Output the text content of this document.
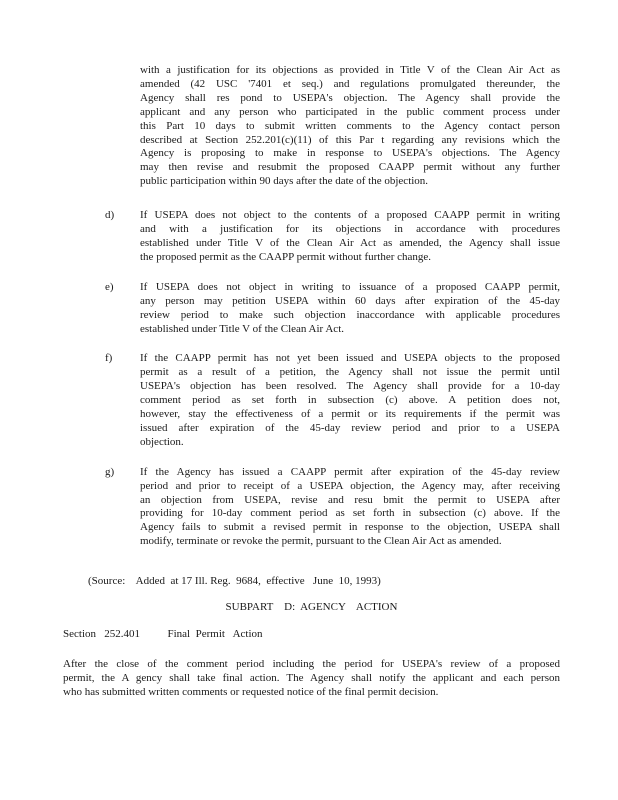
with a justification for its objections as provided in Title V of the Clean Air Act as
amended (42 USC '7401 et seq.) and regulations promulgated thereunder, the
Agency shall res pond to USEPA's objection. The Agency shall provide the
applicant and any person who participated in the public comment process under
this Part 10 days to submit written comments to the Agency contact person
described at Section 252.201(c)(11) of this Par t regarding any revisions which the
Agency is proposing to make in response to USEPA's objections. The Agency
may then revise and resubmit the proposed CAAPP permit without any further
public participation within 90 days after the date of the objection.
d)	If USEPA does not object to the contents of a proposed CAAPP permit in writing
and with a justification for its objections in accordance with procedures
established under Title V of the Clean Air Act as amended, the Agency shall issue
the proposed permit as the CAAPP permit without further change.
e)	If USEPA does not object in writing to issuance of a proposed CAAPP permit,
any person may petition USEPA within 60 days after expiration of the 45-day
review period to make such objection inaccordance with applicable procedures
established under Title V of the Clean Air Act.
f)	If the CAAPP permit has not yet been issued and USEPA objects to the proposed
permit as a result of a petition, the Agency shall not issue the permit until
USEPA's objection has been resolved. The Agency shall provide for a 10-day
comment period as set forth in subsection (c) above. A petition does not,
however, stay the effectiveness of a permit or its requirements if the permit was
issued after expiration of the 45-day review period and prior to a USEPA
objection.
g)	If the Agency has issued a CAAPP permit after expiration of the 45-day review
period and prior to receipt of a USEPA objection, the Agency may, after receiving
an objection from USEPA, revise and resu bmit the permit to USEPA after
providing for 10-day comment period as set forth in subsection (c) above. If the
Agency fails to submit a revised permit in response to the objection, USEPA shall
modify, terminate or revoke the permit, pursuant to the Clean Air Act as amended.
(Source:    Added  at 17 Ill. Reg.  9684,  effective   June  10, 1993)
SUBPART    D:  AGENCY    ACTION
Section   252.401          Final  Permit   Action
After the close of the comment period including the period for USEPA's review of a proposed
permit, the A gency shall take final action. The Agency shall notify the applicant and each person
who has submitted written comments or requested notice of the final permit decision.
